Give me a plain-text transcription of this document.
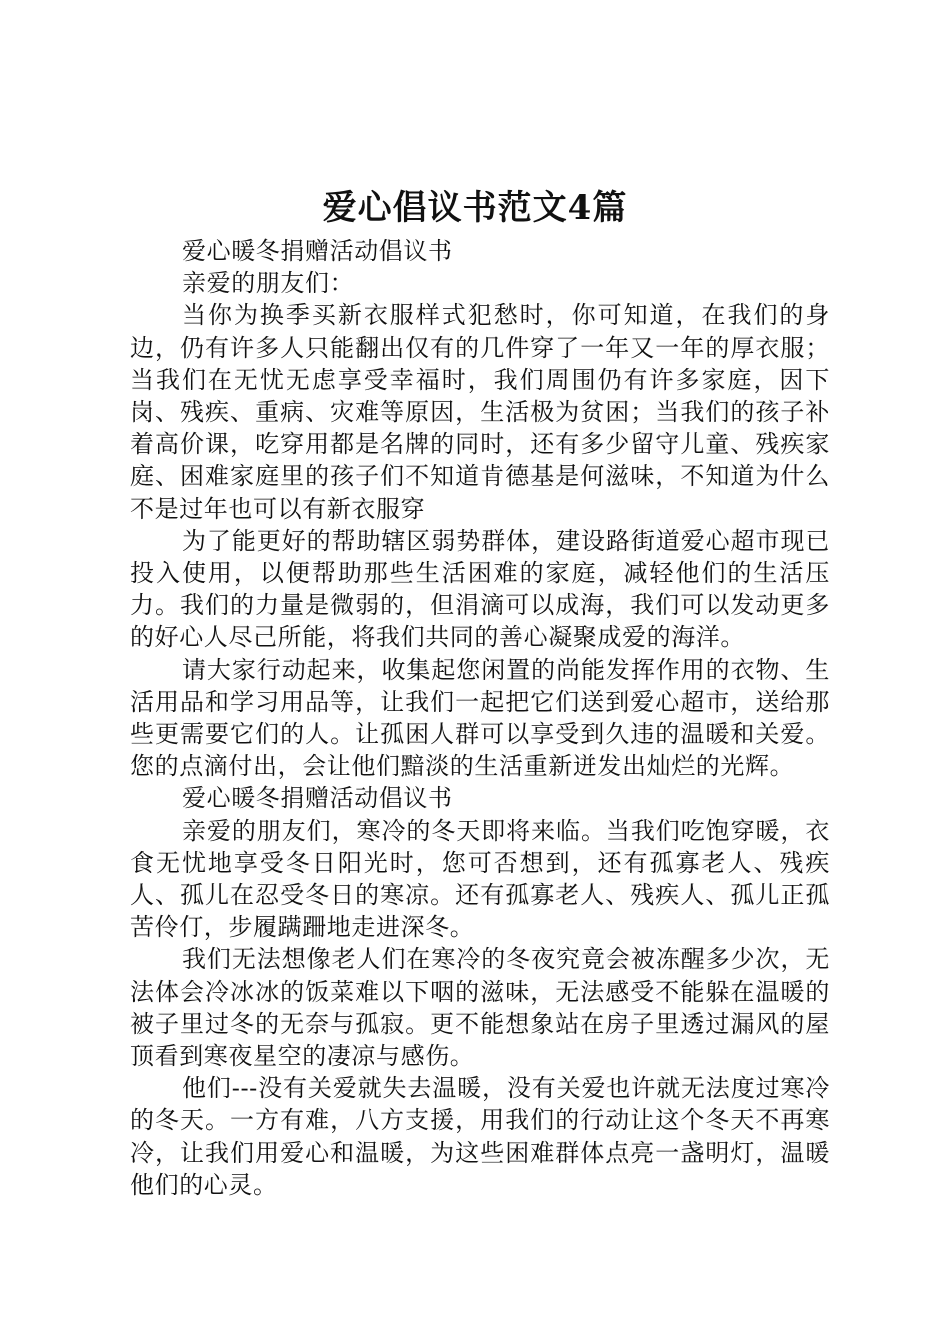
爱心倡议书范文4篇

爱心暖冬捐赠活动倡议书

亲爱的朋友们：

当你为换季买新衣服样式犯愁时，你可知道，在我们的身边，仍有许多人只能翻出仅有的几件穿了一年又一年的厚衣服；当我们在无忧无虑享受幸福时，我们周围仍有许多家庭，因下岗、残疾、重病、灾难等原因，生活极为贫困；当我们的孩子补着高价课，吃穿用都是名牌的同时，还有多少留守儿童、残疾家庭、困难家庭里的孩子们不知道肯德基是何滋味，不知道为什么不是过年也可以有新衣服穿

为了能更好的帮助辖区弱势群体，建设路街道爱心超市现已投入使用，以便帮助那些生活困难的家庭，减轻他们的生活压力。我们的力量是微弱的，但涓滴可以成海，我们可以发动更多的好心人尽己所能，将我们共同的善心凝聚成爱的海洋。

请大家行动起来，收集起您闲置的尚能发挥作用的衣物、生活用品和学习用品等，让我们一起把它们送到爱心超市，送给那些更需要它们的人。让孤困人群可以享受到久违的温暖和关爱。您的点滴付出，会让他们黯淡的生活重新迸发出灿烂的光辉。

爱心暖冬捐赠活动倡议书

亲爱的朋友们，寒冷的冬天即将来临。当我们吃饱穿暖，衣食无忧地享受冬日阳光时，您可否想到，还有孤寡老人、残疾人、孤儿在忍受冬日的寒凉。还有孤寡老人、残疾人、孤儿正孤苦伶仃，步履蹒跚地走进深冬。

我们无法想像老人们在寒冷的冬夜究竟会被冻醒多少次，无法体会冷冰冰的饭菜难以下咽的滋味，无法感受不能躲在温暖的被子里过冬的无奈与孤寂。更不能想象站在房子里透过漏风的屋顶看到寒夜星空的凄凉与感伤。

他们---没有关爱就失去温暖，没有关爱也许就无法度过寒冷的冬天。一方有难，八方支援，用我们的行动让这个冬天不再寒冷，让我们用爱心和温暖，为这些困难群体点亮一盏明灯，温暖他们的心灵。
